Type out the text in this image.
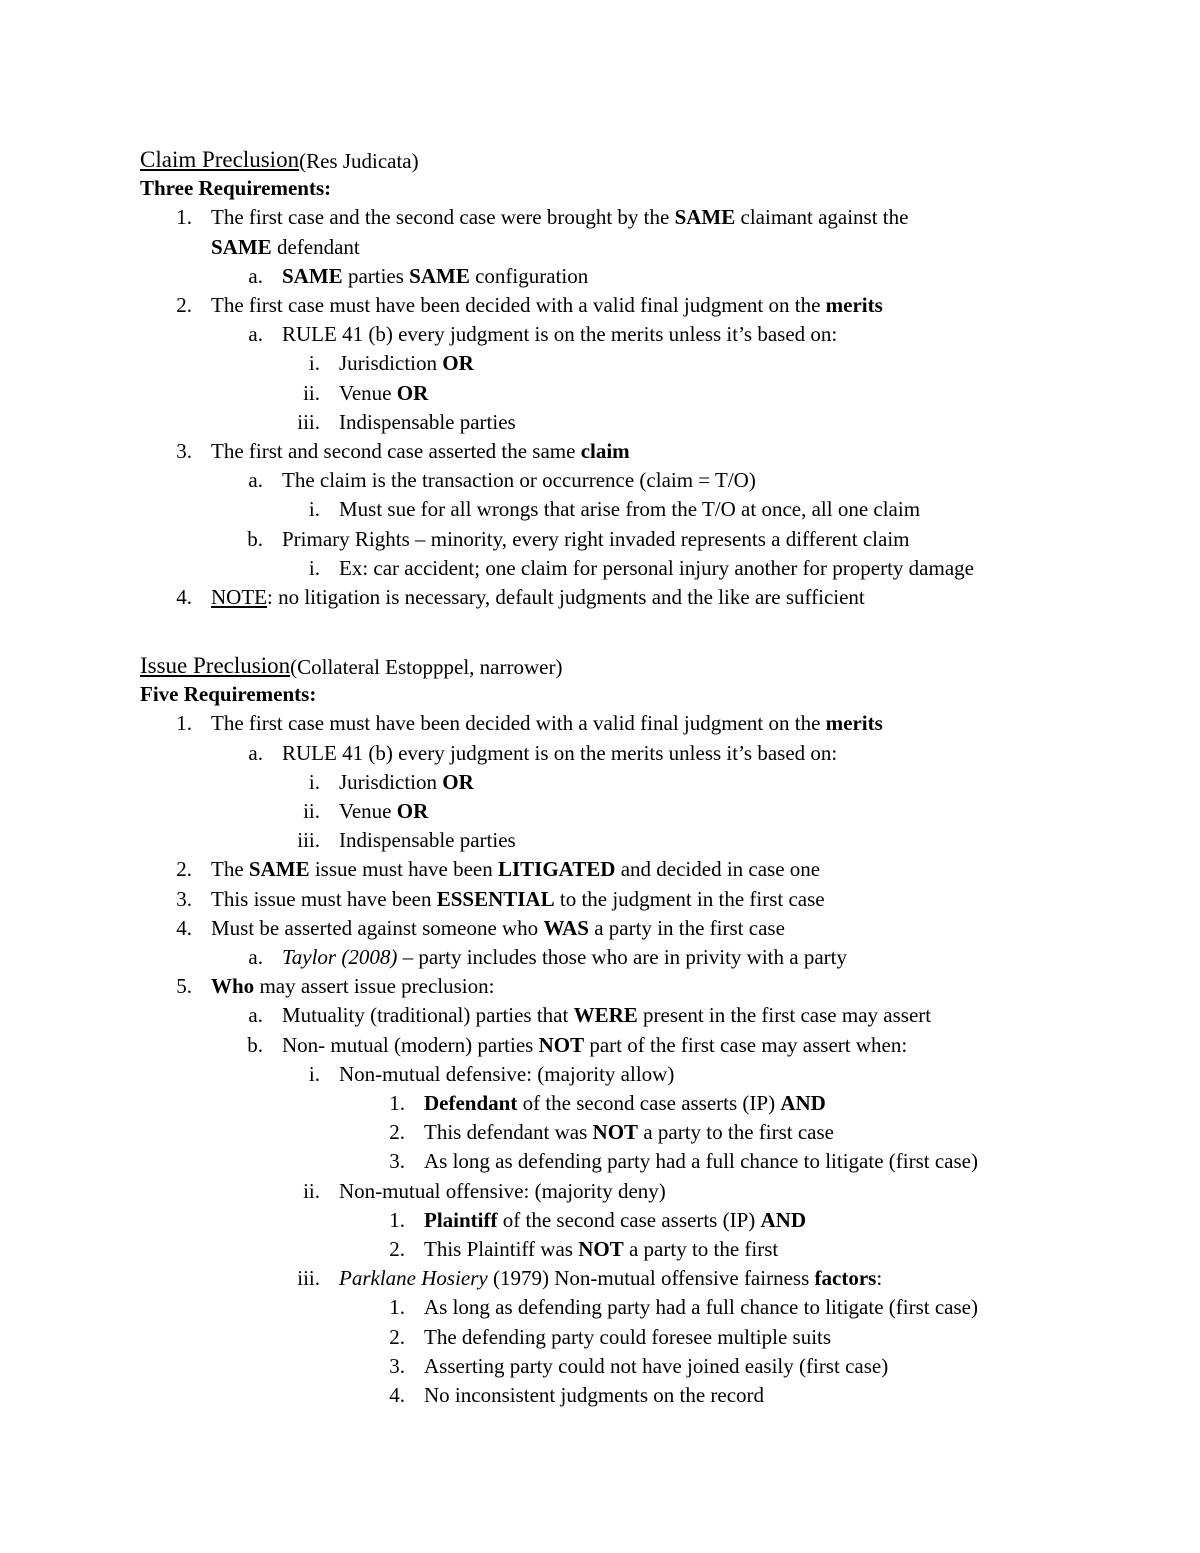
Claim Preclusion (Res Judicata)
Three Requirements:
1. The first case and the second case were brought by the SAME claimant against the
SAME defendant
a. SAME parties SAME configuration
2. The first case must have been decided with a valid final judgment on the merits
a. RULE 41 (b) every judgment is on the merits unless it’s based on:
i. Jurisdiction OR
ii. Venue OR
iii. Indispensable parties
3. The first and second case asserted the same claim
a. The claim is the transaction or occurrence (claim = T/O)
i. Must sue for all wrongs that arise from the T/O at once, all one claim
b. Primary Rights – minority, every right invaded represents a different claim
i. Ex: car accident; one claim for personal injury another for property damage
4. NOTE: no litigation is necessary, default judgments and the like are sufficient
Issue Preclusion (Collateral Estopppel, narrower)
Five Requirements:
1. The first case must have been decided with a valid final judgment on the merits
a. RULE 41 (b) every judgment is on the merits unless it’s based on:
i. Jurisdiction OR
ii. Venue OR
iii. Indispensable parties
2. The SAME issue must have been LITIGATED and decided in case one
3. This issue must have been ESSENTIAL to the judgment in the first case
4. Must be asserted against someone who WAS a party in the first case
a. Taylor (2008) – party includes those who are in privity with a party
5. Who may assert issue preclusion:
a. Mutuality (traditional) parties that WERE present in the first case may assert
b. Non- mutual (modern) parties NOT part of the first case may assert when:
i. Non-mutual defensive: (majority allow)
1. Defendant of the second case asserts (IP) AND
2. This defendant was NOT a party to the first case
3. As long as defending party had a full chance to litigate (first case)
ii. Non-mutual offensive: (majority deny)
1. Plaintiff of the second case asserts (IP) AND
2. This Plaintiff was NOT a party to the first
iii. Parklane Hosiery (1979) Non-mutual offensive fairness factors:
1. As long as defending party had a full chance to litigate (first case)
2. The defending party could foresee multiple suits
3. Asserting party could not have joined easily (first case)
4. No inconsistent judgments on the record
